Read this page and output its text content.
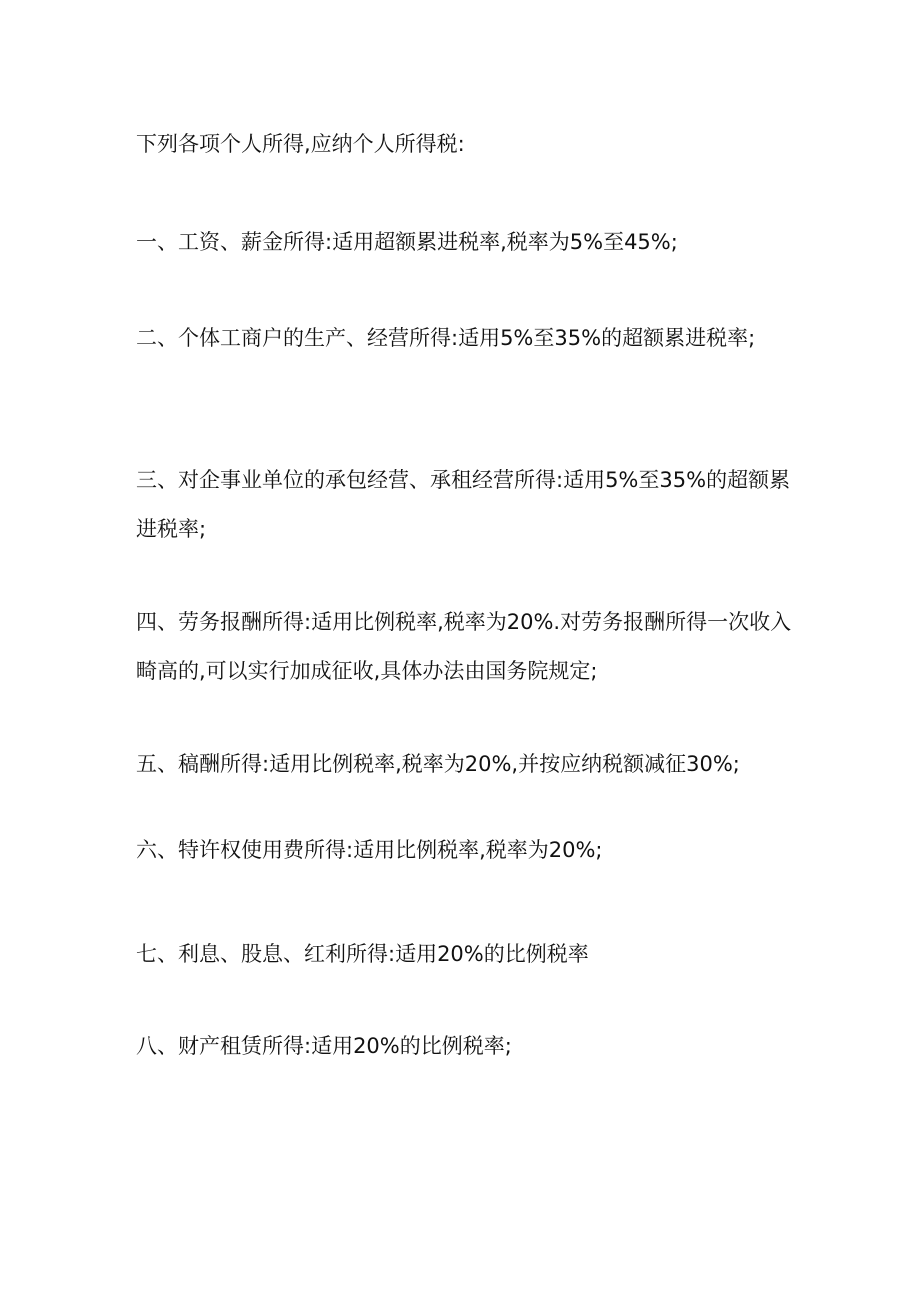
下列各项个人所得,应纳个人所得税:
一、工资、薪金所得:适用超额累进税率,税率为5%至45%;
二、个体工商户的生产、经营所得:适用5%至35%的超额累进税率;
三、对企事业单位的承包经营、承租经营所得:适用5%至35%的超额累进税率;
四、劳务报酬所得:适用比例税率,税率为20%.对劳务报酬所得一次收入畸高的,可以实行加成征收,具体办法由国务院规定;
五、稿酬所得:适用比例税率,税率为20%,并按应纳税额减征30%;
六、特许权使用费所得:适用比例税率,税率为20%;
七、利息、股息、红利所得:适用20%的比例税率
八、财产租赁所得:适用20%的比例税率;
